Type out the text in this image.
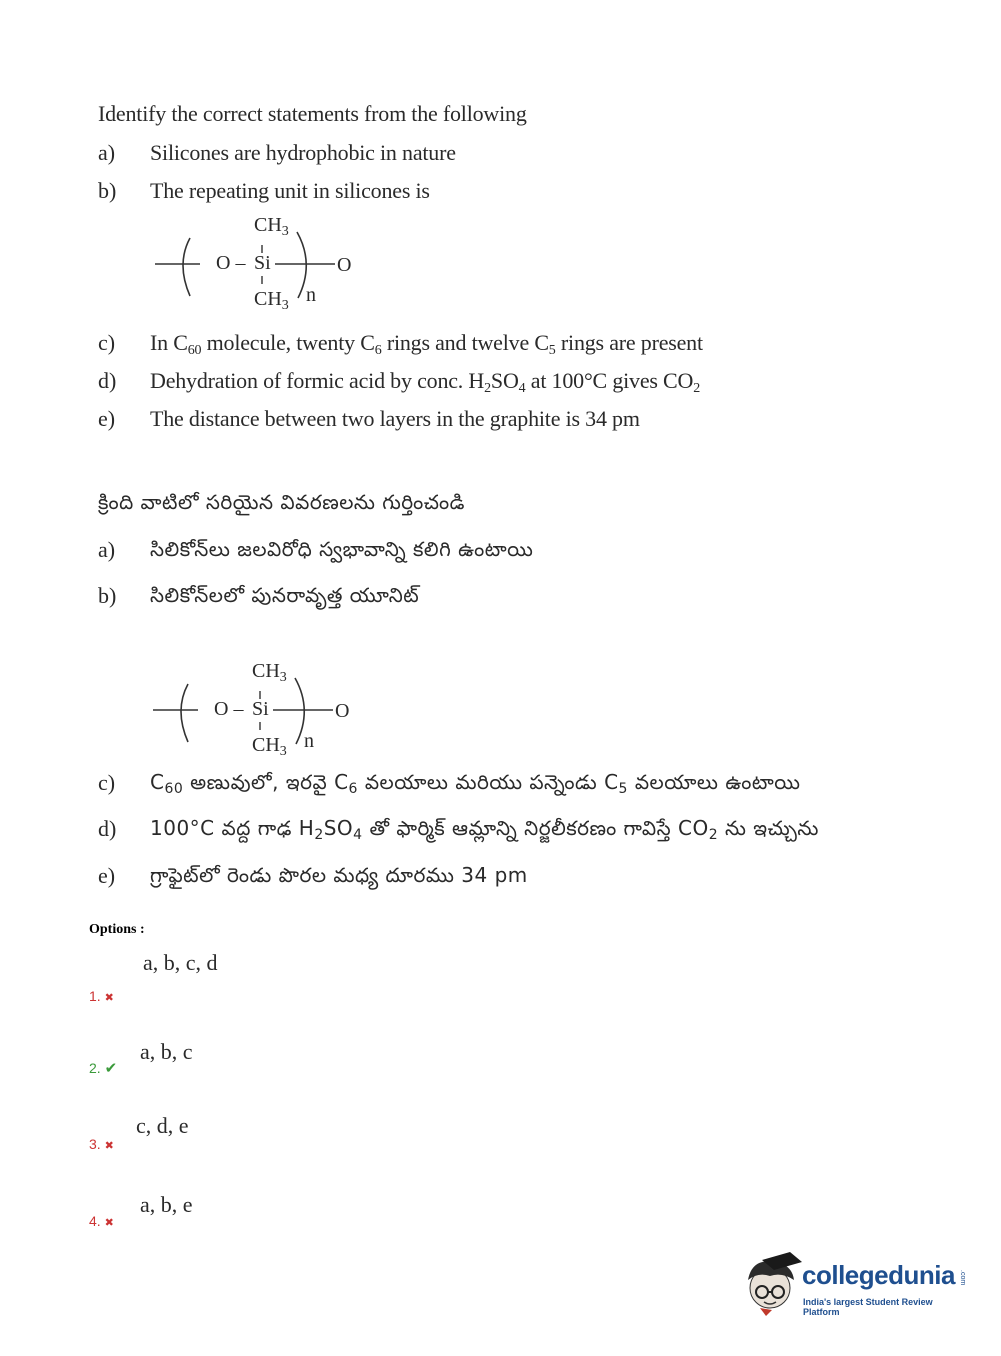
Identify the correct statements from the following
a) Silicones are hydrophobic in nature
b) The repeating unit in silicones is
$CH_3$
O – Si	O
$CH_3$ n
c) In $C_{60}$ molecule, twenty $C_6$ rings and twelve $C_5$ rings are present
d) Dehydration of formic acid by conc. $H_2SO_4$ at 100°C gives $CO_2$
e) The distance between two layers in the graphite is 34 pm
క్రింది వాటిలో సరియైన వివరణలను గుర్తించండి
a) సిలికోన్‌లు జలవిరోధి స్వభావాన్ని కలిగి ఉంటాయి
b) సిలికోన్‌లలో పునరావృత్త యూనిట్
$CH_3$
O – Si	O
$CH_3$ n
c) $C_{60}$ అణువులో, ఇరవై $C_6$ వలయాలు మరియు పన్నెండు $C_5$ వలయాలు ఉంటాయి
d) 100°C వద్ద గాఢ $H_2SO_4$ తో ఫార్మిక్ ఆమ్లాన్ని నిర్జలీకరణం గావిస్తే $CO_2$ ను ఇచ్చును
e) గ్రాఫైట్‌లో రెండు పొరల మధ్య దూరము 34 pm
Options :
a, b, c, d
1. ✖
a, b, c
2. ✔
c, d, e
3. ✖
a, b, e
4. ✖
collegedunia .com
India's largest Student Review Platform
